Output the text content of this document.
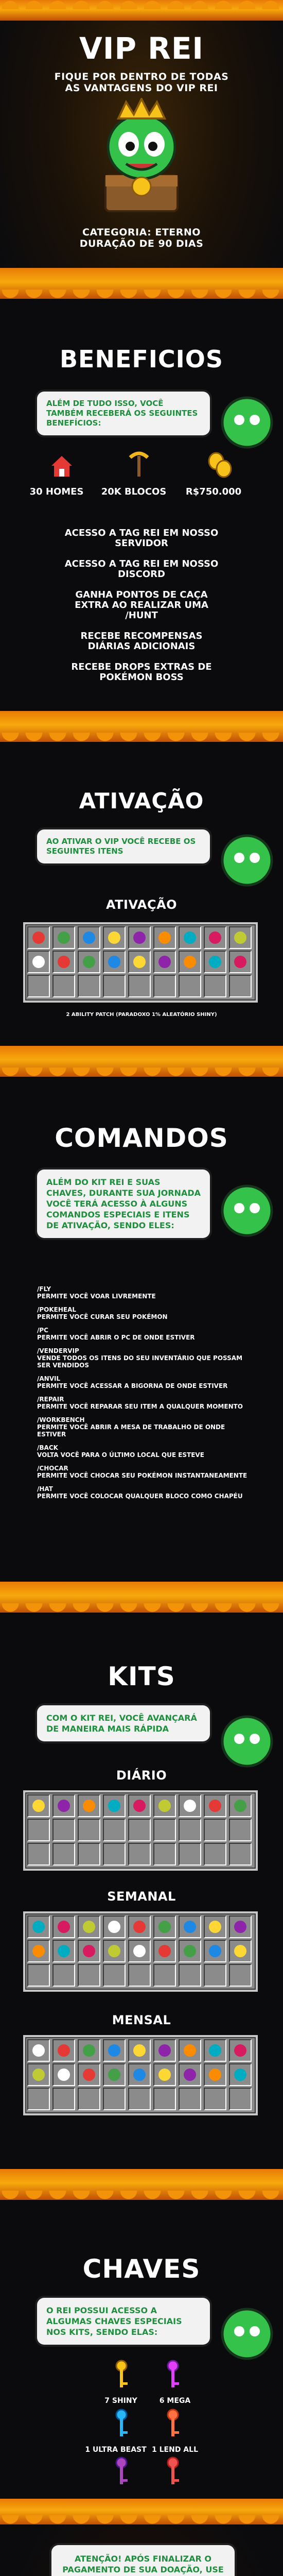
VIP REI
FIQUE POR DENTRO DE TODAS AS VANTAGENS DO VIP REI
CATEGORIA: ETERNO
DURAÇÃO DE 90 DIAS
BENEFICIOS
ALÉM DE TUDO ISSO, VOCÊ TAMBÉM RECEBERÁ OS SEGUINTES BENEFÍCIOS:
30 HOMES	20K BLOCOS	R$750.000
ACESSO A TAG REI EM NOSSO SERVIDOR
ACESSO A TAG REI EM NOSSO DISCORD
GANHA PONTOS DE CAÇA EXTRA AO REALIZAR UMA /HUNT
RECEBE RECOMPENSAS DIÁRIAS ADICIONAIS
RECEBE DROPS EXTRAS DE POKÉMON BOSS
ATIVAÇÃO
AO ATIVAR O VIP VOCÊ RECEBE OS SEGUINTES ITENS
ATIVAÇÃO
2 ABILITY PATCH (PARADOXO 1% ALEATÓRIO SHINY)
COMANDOS
ALÉM DO KIT REI E SUAS CHAVES, DURANTE SUA JORNADA VOCÊ TERÁ ACESSO À ALGUNS COMANDOS ESPECIAIS E ITENS DE ATIVAÇÃO, SENDO ELES:
/FLY
PERMITE VOCÊ VOAR LIVREMENTE
/POKEHEAL
PERMITE VOCÊ CURAR SEU POKÉMON
/PC
PERMITE VOCÊ ABRIR O PC DE ONDE ESTIVER
/VENDERVIP
VENDE TODOS OS ITENS DO SEU INVENTÁRIO QUE POSSAM SER VENDIDOS
/ANVIL
PERMITE VOCÊ ACESSAR A BIGORNA DE ONDE ESTIVER
/REPAIR
PERMITE VOCÊ REPARAR SEU ITEM A QUALQUER MOMENTO
/WORKBENCH
PERMITE VOCÊ ABRIR A MESA DE TRABALHO DE ONDE ESTIVER
/BACK
VOLTA VOCÊ PARA O ÚLTIMO LOCAL QUE ESTEVE
/CHOCAR
PERMITE VOCÊ CHOCAR SEU POKÉMON INSTANTANEAMENTE
/HAT
PERMITE VOCÊ COLOCAR QUALQUER BLOCO COMO CHAPÉU
KITS
COM O KIT REI, VOCÊ AVANÇARÁ DE MANEIRA MAIS RÁPIDA
DIÁRIO
SEMANAL
MENSAL
CHAVES
O REI POSSUI ACESSO A ALGUMAS CHAVES ESPECIAIS NOS KITS, SENDO ELAS:
7 SHINY	6 MEGA
1 ULTRA BEAST 1 LEND ALL
ATENÇÃO! APÓS FINALIZAR O PAGAMENTO DE SUA DOAÇÃO, USE
